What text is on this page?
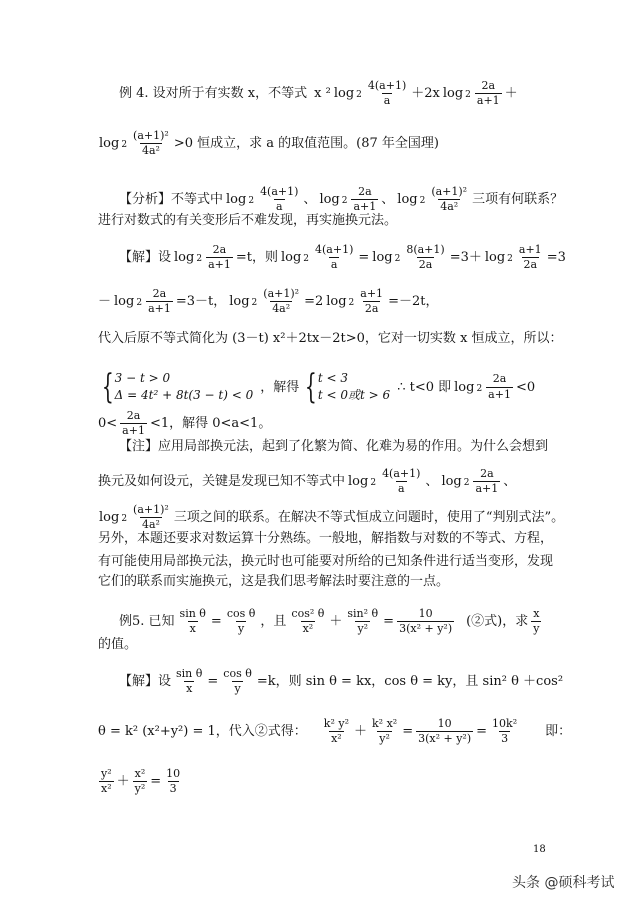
例 4. 设对所于有实数 x，不等式 x ² $\log 2 \frac{4(a+1)}{a} +2x$ $\log 2 \frac{2a}{a+1}$ ＋
$\log 2 \frac{\text{(a+1)²}}{\text{4a²}} >0$ 恒成立，求 a 的取值范围。(87 年全国理)
【分析】不等式中 $\log 2 \frac{4(a+1)}{a}$ 、 $\log 2 \frac{2a}{a+1}$ 、 $\log 2 \frac{\text{(a+1)²}}{\text{4a²}}$ 三项有何联系？
进行对数式的有关变形后不难发现，再实施换元法。
【解】设 $\log 2 \frac{2a}{a+1} =t$，则 $\log 2 \frac{4(a+1)}{a} = \log 2 \frac{8(a+1)}{2a} =3+ \log 2 \frac{a+1}{2a} =3$
－ $\log 2 \frac{2a}{a+1} =3-t$， $\log 2 \frac{\text{(a+1)²}}{\text{4a²}} =2$ $\log 2 \frac{a+1}{2a} =-2t$，
代入后原不等式简化为 (3－t) x²＋2tx－2t>0，它对一切实数 x 恒成立，所以：
{ 3 − t > 0
Δ = 4t² + 8t(3 − t) < 0
，解得 { t < 3
t < 0或t > 6
∴ t<0 即 $\log 2 \frac{2a}{a+1} <0$
$0< \frac{2a}{a+1} <1$，解得 0<a<1。
【注】应用局部换元法，起到了化繁为简、化难为易的作用。为什么会想到
换元及如何设元，关键是发现已知不等式中 $\log 2 \frac{4(a+1)}{a}$ 、 $\log 2 \frac{2a}{a+1}$ 、
$\log 2 \frac{\text{(a+1)²}}{\text{4a²}}$ 三项之间的联系。在解决不等式恒成立问题时，使用了“判别式法”。
另外，本题还要求对数运算十分熟练。一般地，解指数与对数的不等式、方程，
有可能使用局部换元法，换元时也可能要对所给的已知条件进行适当变形，发现
它们的联系而实施换元，这是我们思考解法时要注意的一点。
例5. 已知 $\frac{\text{sin θ}}{x} = \frac{\text{cos θ}}{y}$ ，且 $\frac{\text{cos² θ}}{\text{x²}} + \frac{\text{sin² θ}}{\text{y²}} = \frac{10}{\text{3(x² + y²)}}$ (②式)，求 $\frac{x}{y}$
的值。
【解】设 $\frac{\text{sin θ}}{x} = \frac{\text{cos θ}}{y} =k$，则 sin θ = kx，cos θ = ky，且 sin² θ ＋cos²
θ = k² (x²+y²) = 1，代入②式得： $\frac{\text{k² y²}}{\text{x²}} + \frac{\text{k² x²}}{\text{y²}} = \frac{10}{\text{3(x² + y²)}} = \frac{\text{10k²}}{3}$ 即：
$\frac{\text{y²}}{\text{x²}} + \frac{\text{x²}}{\text{y²}} = \frac{10}{3}$
18
头条 @硕科考试
